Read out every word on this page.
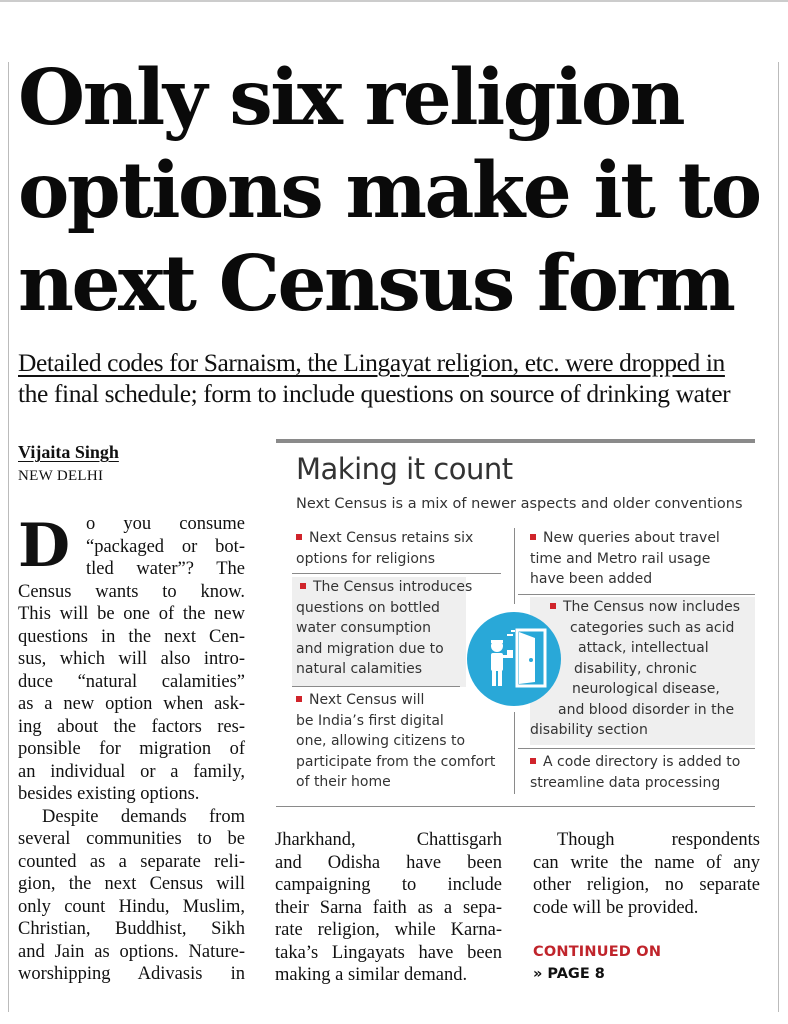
Only six religion
options make it to
next Census form
Detailed codes for Sarnaism, the Lingayat religion, etc. were dropped in
the final schedule; form to include questions on source of drinking water
Vijaita Singh
NEW DELHI
D o you consume
“packaged or bot-
tled water”? The
Census wants to know.
This will be one of the new
questions in the next Cen-
sus, which will also intro-
duce “natural calamities”
as a new option when ask-
ing about the factors res-
ponsible for migration of
an individual or a family,
besides existing options.
Despite demands from
several communities to be
counted as a separate reli-
gion, the next Census will
only count Hindu, Muslim,
Christian, Buddhist, Sikh
and Jain as options. Nature-
worshipping Adivasis in
Making it count
Next Census is a mix of newer aspects and older conventions
Next Census retains six
options for religions
The Census introduces
questions on bottled
water consumption
and migration due to
natural calamities
Next Census will
be India’s first digital
one, allowing citizens to
participate from the comfort
of their home
New queries about travel
time and Metro rail usage
have been added
The Census now includes
categories such as acid
attack, intellectual
disability, chronic
neurological disease,
and blood disorder in the
disability section
A code directory is added to
streamline data processing
Jharkhand, Chattisgarh
and Odisha have been
campaigning to include
their Sarna faith as a sepa-
rate religion, while Karna-
taka’s Lingayats have been
making a similar demand.
Though respondents
can write the name of any
other religion, no separate
code will be provided.
CONTINUED ON
» PAGE 8
